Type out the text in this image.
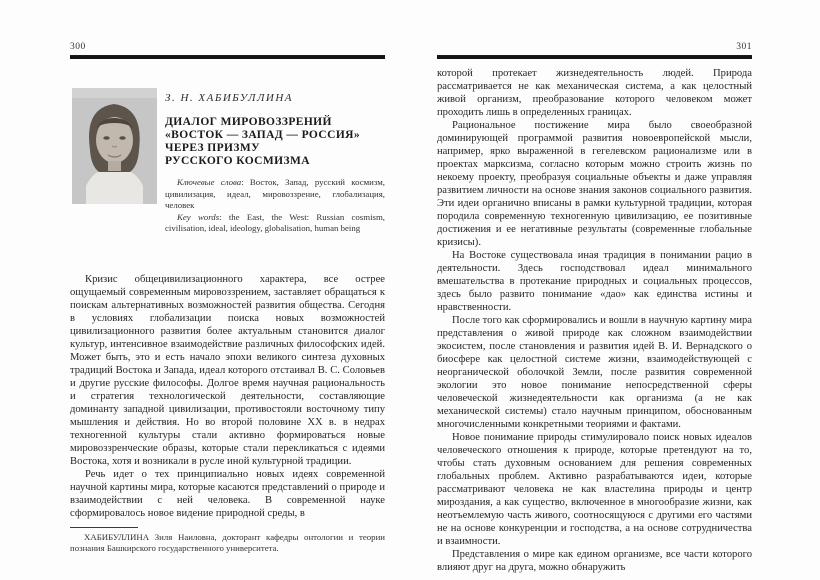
300
З. Н. ХАБИБУЛЛИНА
ДИАЛОГ МИРОВОЗЗРЕНИЙ
«ВОСТОК — ЗАПАД — РОССИЯ»
ЧЕРЕЗ ПРИЗМУ
РУССКОГО КОСМИЗМА
Ключевые слова: Восток, Запад, русский космизм, цивилизация, идеал, мировоззрение, глобализация, человек
Key words: the East, the West: Russian cosmism, civilisation, ideal, ideology, globalisation, human being

Кризис общецивилизационного характера, все острее ощущаемый современным мировоззрением, заставляет обращаться к поискам альтернативных возможностей развития общества. Сегодня в условиях глобализации поиска новых возможностей цивилизационного развития более актуальным становится диалог культур, интенсивное взаимодействие различных философских идей. Может быть, это и есть начало эпохи великого синтеза духовных традиций Востока и Запада, идеал которого отстаивал В. С. Соловьев и другие русские философы. Долгое время научная рациональность и стратегия технологической деятельности, составляющие доминанту западной цивилизации, противостояли восточному типу мышления и действия. Но во второй половине XX в. в недрах техногенной культуры стали активно формироваться новые мировоззренческие образы, которые стали перекликаться с идеями Востока, хотя и возникали в русле иной культурной традиции.

Речь идет о тех принципиально новых идеях современной научной картины мира, которые касаются представлений о природе и взаимодействии с ней человека. В современной науке сформировалось новое видение природной среды, в

ХАБИБУЛЛИНА Зиля Наиловна, докторант кафедры онтологии и теории познания Башкирского государственного университета.

301

которой протекает жизнедеятельность людей. Природа рассматривается не как механическая система, а как целостный живой организм, преобразование которого человеком может проходить лишь в определенных границах.

Рациональное постижение мира было своеобразной доминирующей программой развития новоевропейской мысли, например, ярко выраженной в гегелевском рационализме или в проектах марксизма, согласно которым можно строить жизнь по некоему проекту, преобразуя социальные объекты и даже управляя развитием личности на основе знания законов социального развития. Эти идеи органично вписаны в рамки культурной традиции, которая породила современную техногенную цивилизацию, ее позитивные достижения и ее негативные результаты (современные глобальные кризисы).

На Востоке существовала иная традиция в понимании рацио в деятельности. Здесь господствовал идеал минимального вмешательства в протекание природных и социальных процессов, здесь было развито понимание «дао» как единства истины и нравственности.

После того как сформировались и вошли в научную картину мира представления о живой природе как сложном взаимодействии экосистем, после становления и развития идей В. И. Вернадского о биосфере как целостной системе жизни, взаимодействующей с неорганической оболочкой Земли, после развития современной экологии это новое понимание непосредственной сферы человеческой жизнедеятельности как организма (а не как механической системы) стало научным принципом, обоснованным многочисленными конкретными теориями и фактами.

Новое понимание природы стимулировало поиск новых идеалов человеческого отношения к природе, которые претендуют на то, чтобы стать духовным основанием для решения современных глобальных проблем. Активно разрабатываются идеи, которые рассматривают человека не как властелина природы и центр мироздания, а как существо, включенное в многообразие жизни, как неотъемлемую часть живого, соотносящуюся с другими его частями не на основе конкуренции и господства, а на основе сотрудничества и взаимности.

Представления о мире как едином организме, все части которого влияют друг на друга, можно обнаружить
